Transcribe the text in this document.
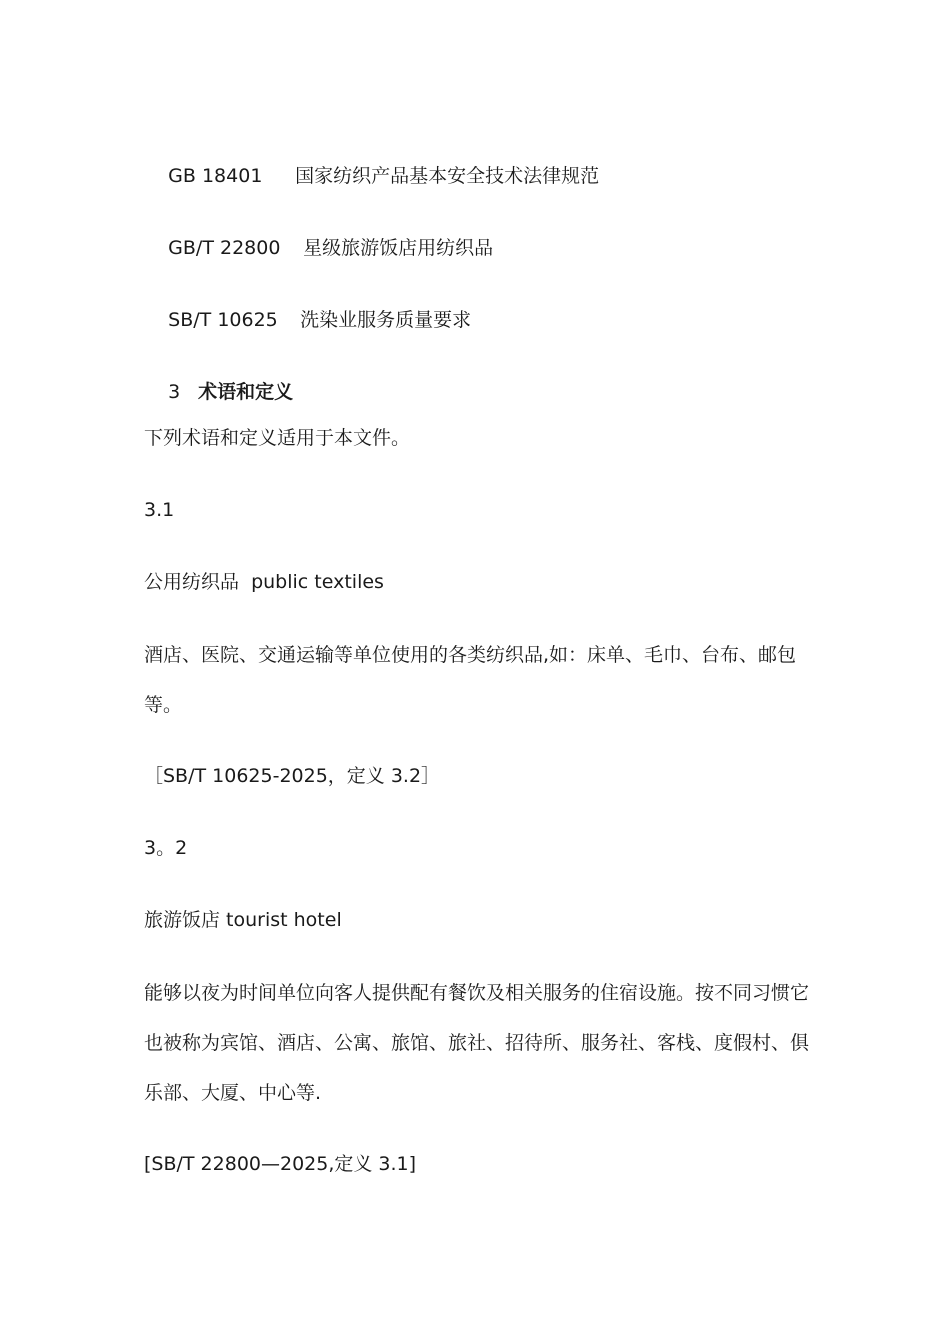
GB 18401 国家纺织产品基本安全技术法律规范

GB/T 22800 星级旅游饭店用纺织品

SB/T 10625 洗染业服务质量要求

3 术语和定义

下列术语和定义适用于本文件。
3.1
公用纺织品  public textiles
酒店、医院、交通运输等单位使用的各类纺织品,如：床单、毛巾、台布、邮包等。
［SB/T 10625-2025，定义 3.2］
3。2
旅游饭店 tourist hotel
能够以夜为时间单位向客人提供配有餐饮及相关服务的住宿设施。按不同习惯它也被称为宾馆、酒店、公寓、旅馆、旅社、招待所、服务社、客栈、度假村、俱乐部、大厦、中心等.
[SB/T 22800—2025,定义 3.1]
